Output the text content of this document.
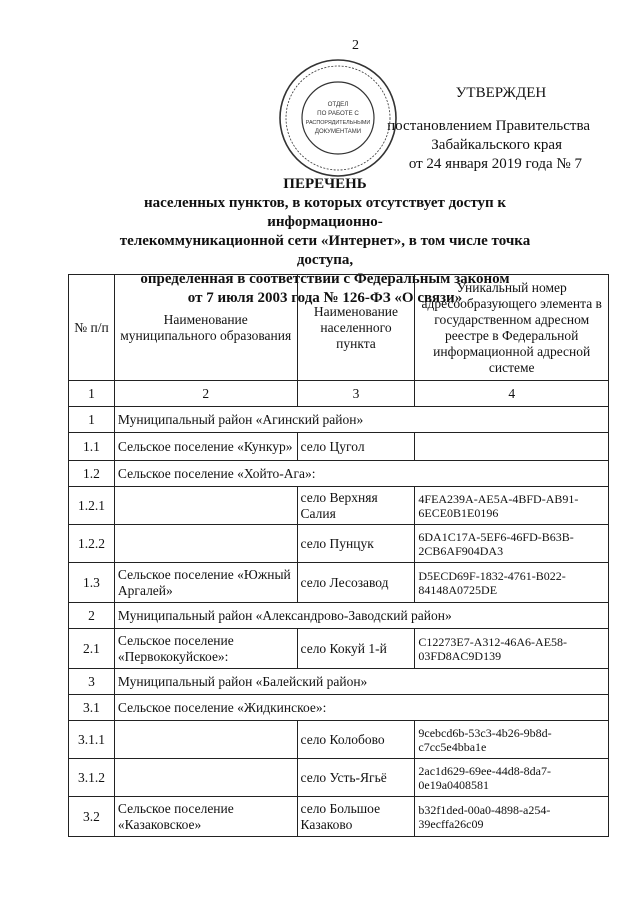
2
ОТДЕЛ
ПО РАБОТЕ С
РАСПОРЯДИТЕЛЬНЫМИ
ДОКУМЕНТАМИ
УТВЕРЖДЕН
постановлением Правительства
Забайкальского края
от 24 января 2019 года № 7
ПЕРЕЧЕНЬ
населенных пунктов, в которых отсутствует доступ к информационно-
телекоммуникационной сети «Интернет», в том числе точка доступа,
определенная в соответствии с Федеральным законом
от 7 июля 2003 года № 126-ФЗ «О связи»
№ п/п	Наименование муниципального образования	Наименование населенного пункта	Уникальный номер адресообразующего элемента в государственном адресном реестре в Федеральной информационной адресной системе
1	2	3	4
1	Муниципальный район «Агинский район»		
1.1	Сельское поселение «Кункур»	село Цугол	
1.2	Сельское поселение «Хойто-Ага»:		
1.2.1		село Верхняя Салия	4FEA239A-AE5A-4BFD-AB91-6ECE0B1E0196
1.2.2		село Пунцук	6DA1C17A-5EF6-46FD-B63B-2CB6AF904DA3
1.3	Сельское поселение «Южный Аргалей»	село Лесозавод	D5ECD69F-1832-4761-B022-84148A0725DE
2	Муниципальный район «Александрово-Заводский район»		
2.1	Сельское поселение «Первококуйское»:	село Кокуй 1-й	C12273E7-A312-46A6-AE58-03FD8AC9D139
3	Муниципальный район «Балейский район»		
3.1	Сельское поселение «Жидкинское»:		
3.1.1		село Колобово	9cebcd6b-53c3-4b26-9b8d-c7cc5e4bba1e
3.1.2		село Усть-Ягьё	2ac1d629-69ee-44d8-8da7-0e19a0408581
3.2	Сельское поселение «Казаковское»	село Большое Казаково	b32f1ded-00a0-4898-a254-39ecffa26c09
